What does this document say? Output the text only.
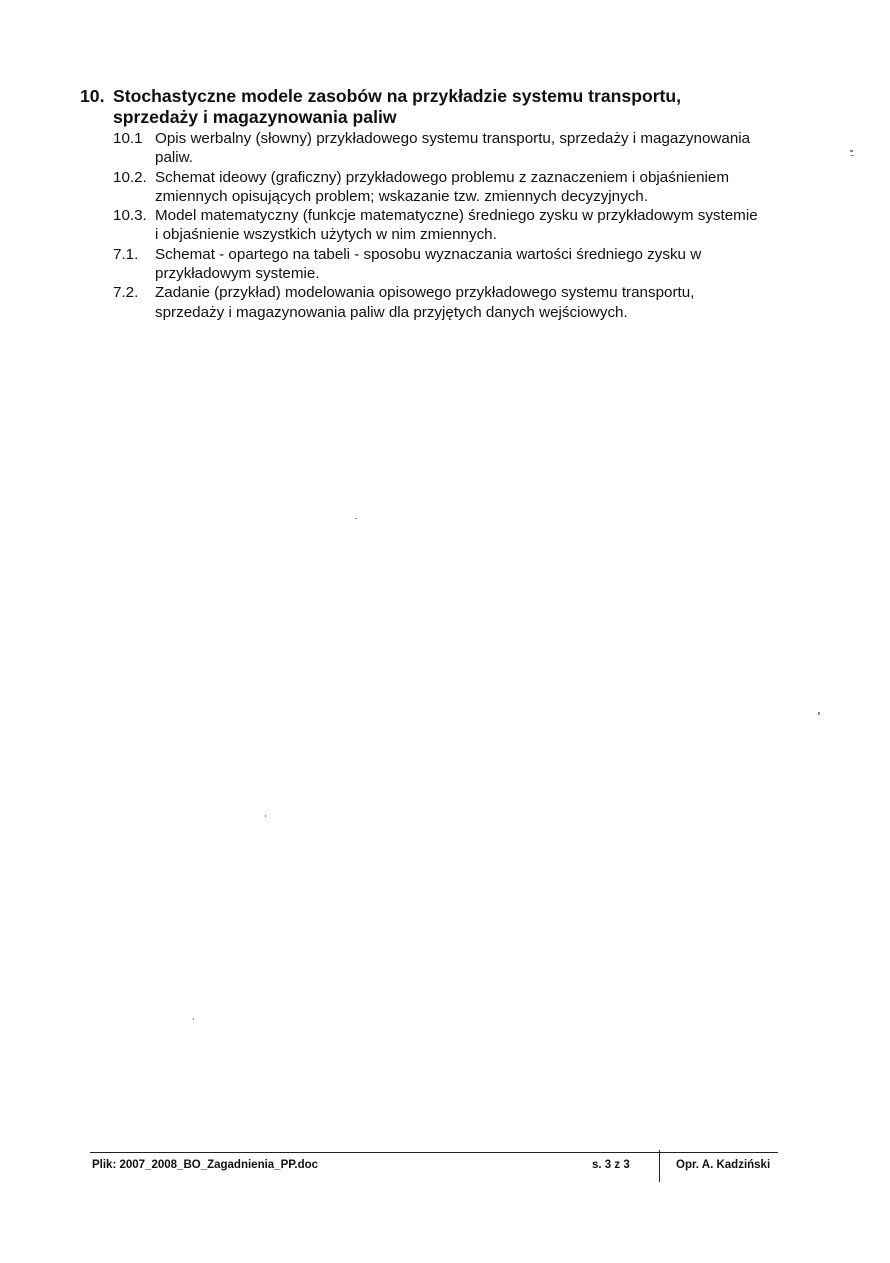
10. Stochastyczne modele zasobów na przykładzie systemu transportu, sprzedaży i magazynowania paliw
10.1 Opis werbalny (słowny) przykładowego systemu transportu, sprzedaży i magazynowania paliw.
10.2. Schemat ideowy (graficzny) przykładowego problemu z zaznaczeniem i objaśnieniem zmiennych opisujących problem; wskazanie tzw. zmiennych decyzyjnych.
10.3. Model matematyczny (funkcje matematyczne) średniego zysku w przykładowym systemie i objaśnienie wszystkich użytych w nim zmiennych.
7.1.	Schemat - opartego na tabeli - sposobu wyznaczania wartości średniego zysku w przykładowym systemie.
7.2.	Zadanie (przykład) modelowania opisowego przykładowego systemu transportu, sprzedaży i magazynowania paliw dla przyjętych danych wejściowych.
Plik: 2007_2008_BO_Zagadnienia_PP.doc	s. 3 z 3	Opr. A. Kadziński
